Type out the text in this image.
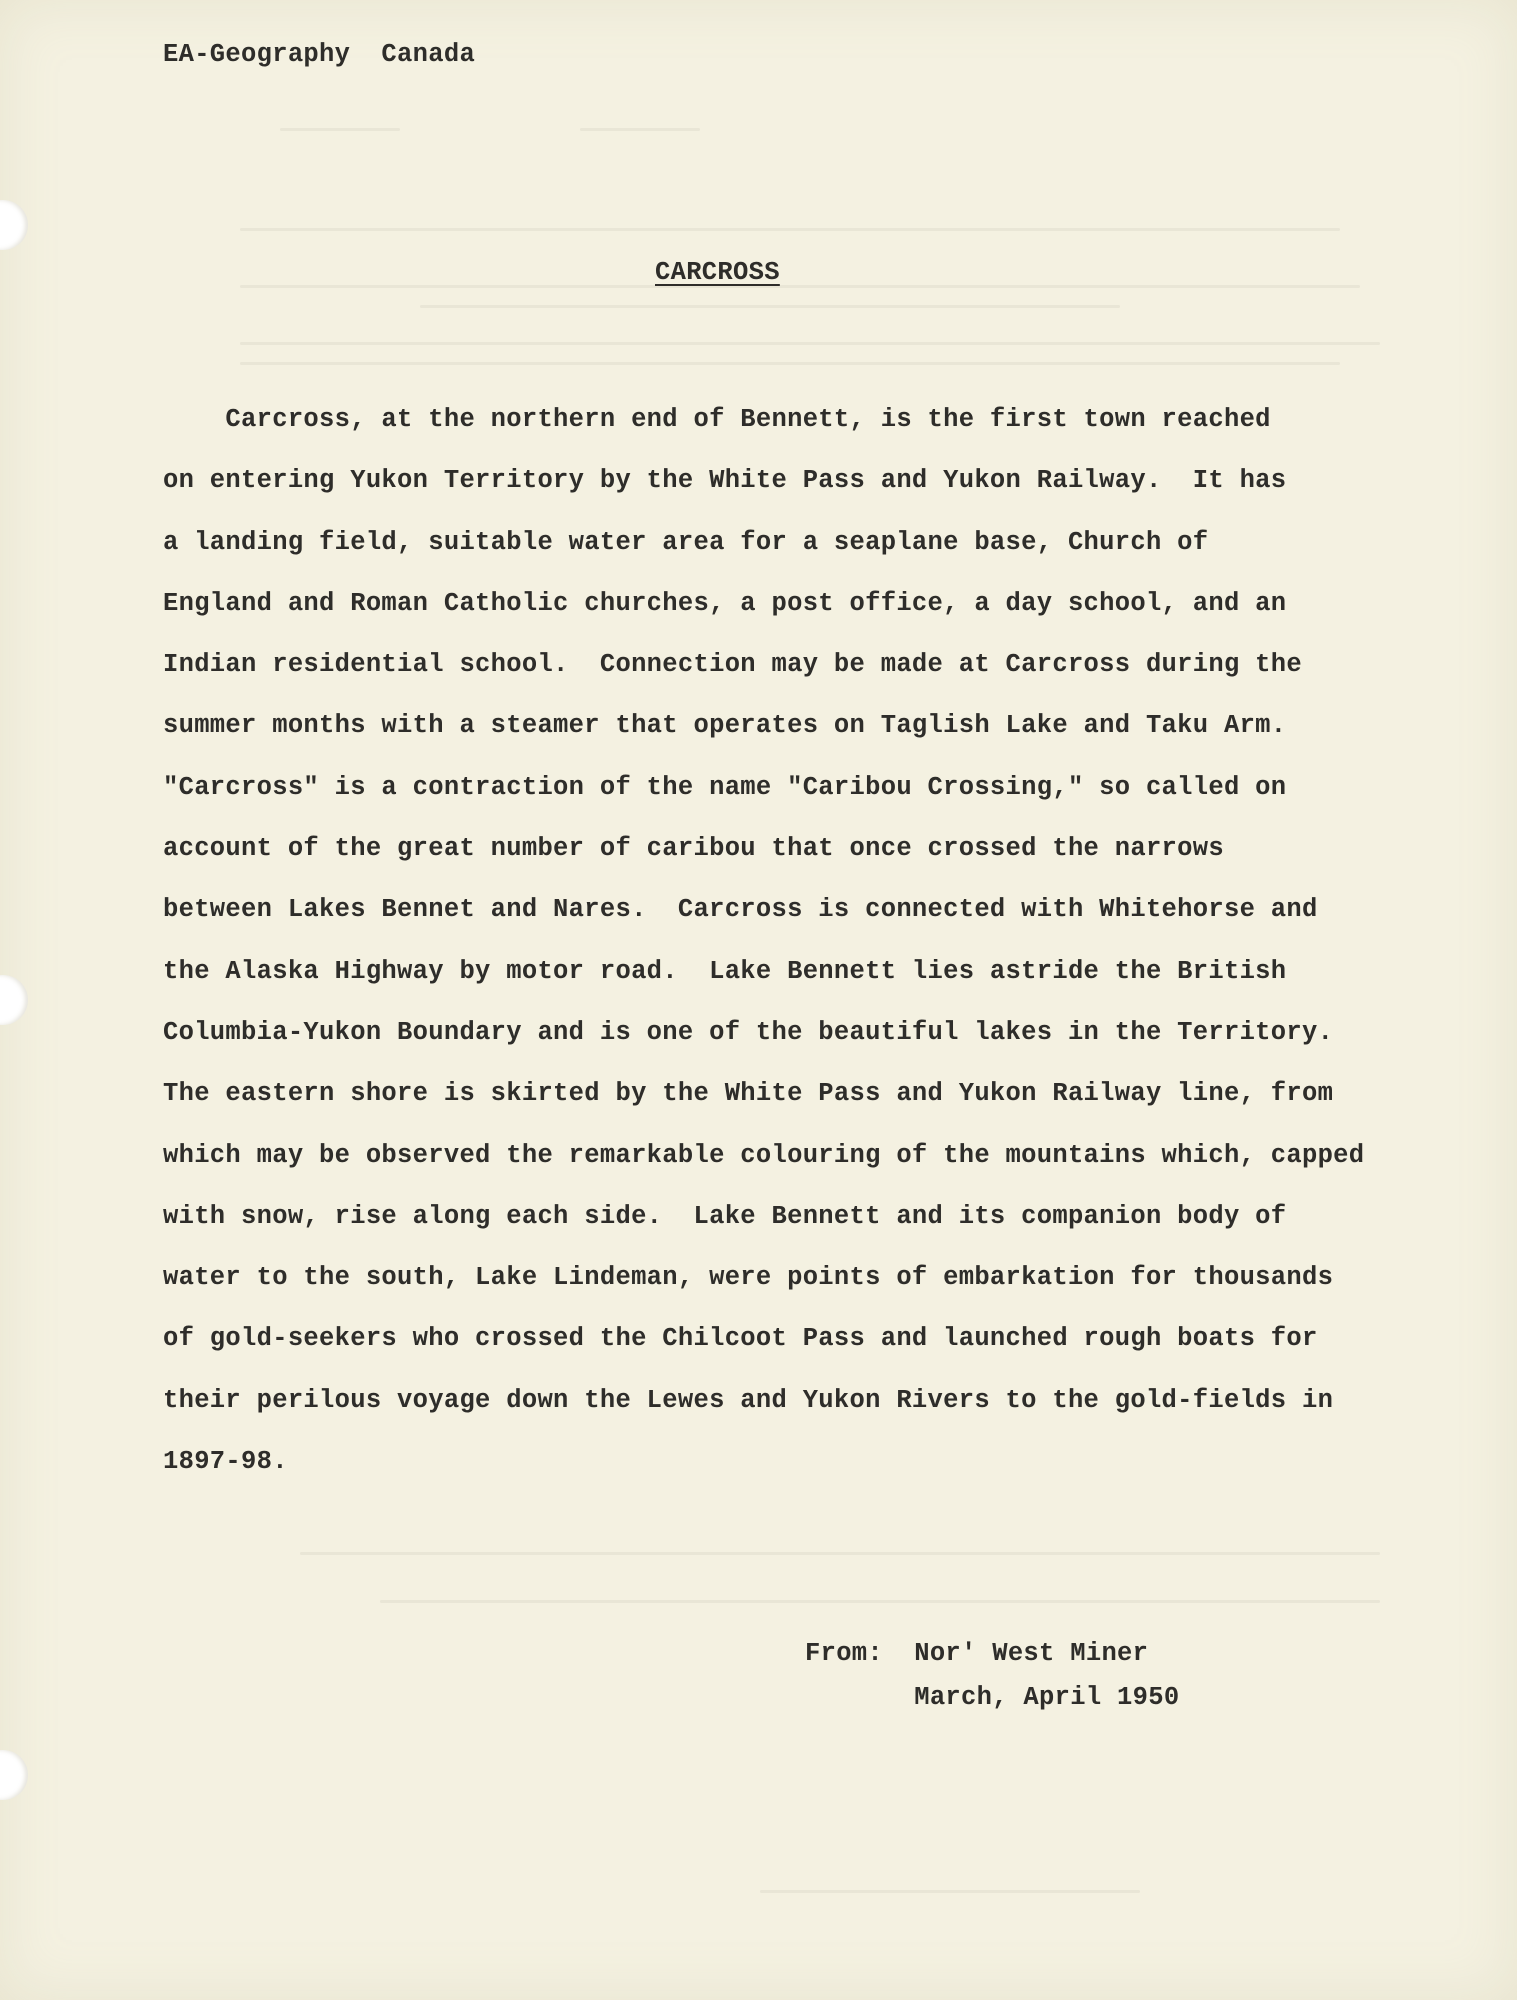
EA-Geography  Canada
CARCROSS
Carcross, at the northern end of Bennett, is the first town reached
on entering Yukon Territory by the White Pass and Yukon Railway.  It has
a landing field, suitable water area for a seaplane base, Church of
England and Roman Catholic churches, a post office, a day school, and an
Indian residential school.  Connection may be made at Carcross during the
summer months with a steamer that operates on Taglish Lake and Taku Arm.
"Carcross" is a contraction of the name "Caribou Crossing," so called on
account of the great number of caribou that once crossed the narrows
between Lakes Bennet and Nares.  Carcross is connected with Whitehorse and
the Alaska Highway by motor road.  Lake Bennett lies astride the British
Columbia-Yukon Boundary and is one of the beautiful lakes in the Territory.
The eastern shore is skirted by the White Pass and Yukon Railway line, from
which may be observed the remarkable colouring of the mountains which, capped
with snow, rise along each side.  Lake Bennett and its companion body of
water to the south, Lake Lindeman, were points of embarkation for thousands
of gold-seekers who crossed the Chilcoot Pass and launched rough boats for
their perilous voyage down the Lewes and Yukon Rivers to the gold-fields in
1897-98.
From:  Nor' West Miner
March, April 1950
